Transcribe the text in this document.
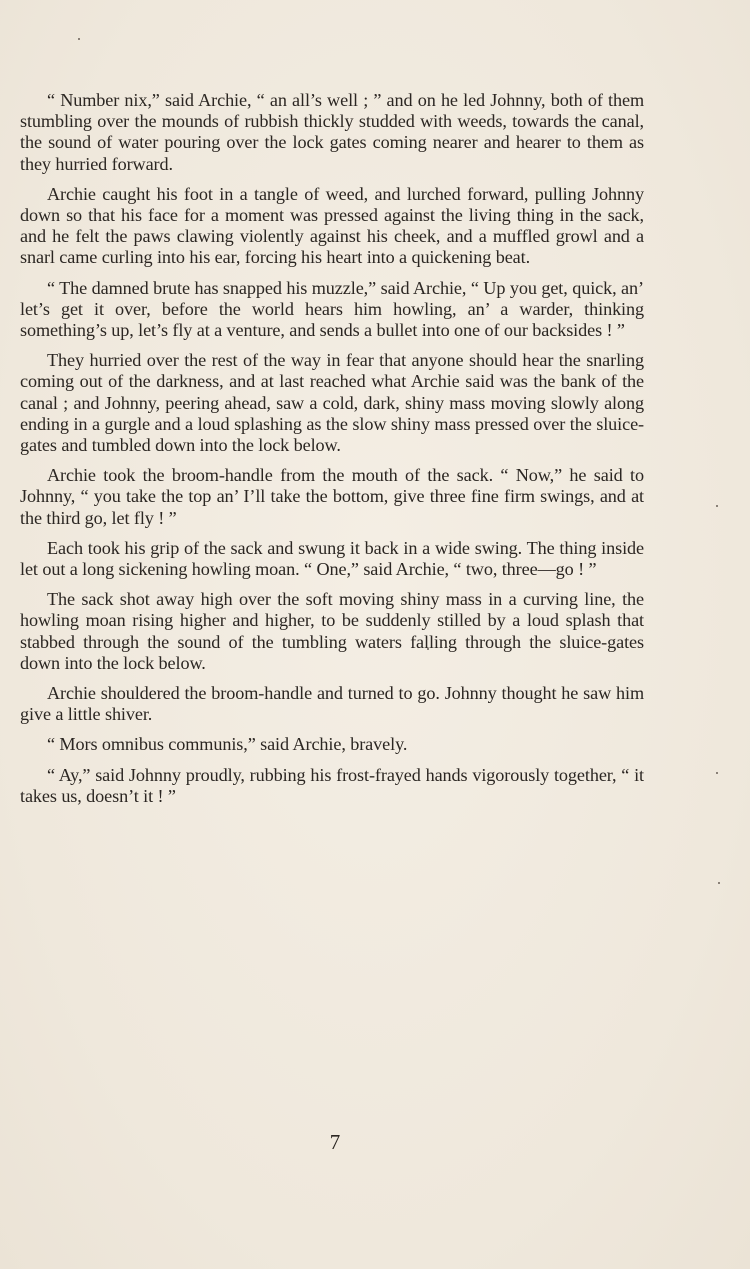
“ Number nix,” said Archie, “ an all’s well ; ” and on he led Johnny, both of them stumbling over the mounds of rubbish thickly studded with weeds, towards the canal, the sound of water pouring over the lock gates coming nearer and hearer to them as they hurried forward.

Archie caught his foot in a tangle of weed, and lurched forward, pulling Johnny down so that his face for a moment was pressed against the living thing in the sack, and he felt the paws clawing violently against his cheek, and a muffled growl and a snarl came curling into his ear, forcing his heart into a quickening beat.

“ The damned brute has snapped his muzzle,” said Archie, “ Up you get, quick, an’ let’s get it over, before the world hears him howling, an’ a warder, thinking something’s up, let’s fly at a venture, and sends a bullet into one of our backsides ! ”

They hurried over the rest of the way in fear that anyone should hear the snarling coming out of the darkness, and at last reached what Archie said was the bank of the canal ; and Johnny, peering ahead, saw a cold, dark, shiny mass moving slowly along ending in a gurgle and a loud splashing as the slow shiny mass pressed over the sluice-gates and tumbled down into the lock below.

Archie took the broom-handle from the mouth of the sack. “ Now,” he said to Johnny, “ you take the top an’ I’ll take the bottom, give three fine firm swings, and at the third go, let fly ! ”

Each took his grip of the sack and swung it back in a wide swing. The thing inside let out a long sickening howling moan. “ One,” said Archie, “ two, three—go ! ”

The sack shot away high over the soft moving shiny mass in a curving line, the howling moan rising higher and higher, to be suddenly stilled by a loud splash that stabbed through the sound of the tumbling waters falling through the sluice-gates down into the lock below.

Archie shouldered the broom-handle and turned to go. Johnny thought he saw him give a little shiver.

“ Mors omnibus communis,” said Archie, bravely.

“ Ay,” said Johnny proudly, rubbing his frost-frayed hands vigorously together, “ it takes us, doesn’t it ! ”

7
